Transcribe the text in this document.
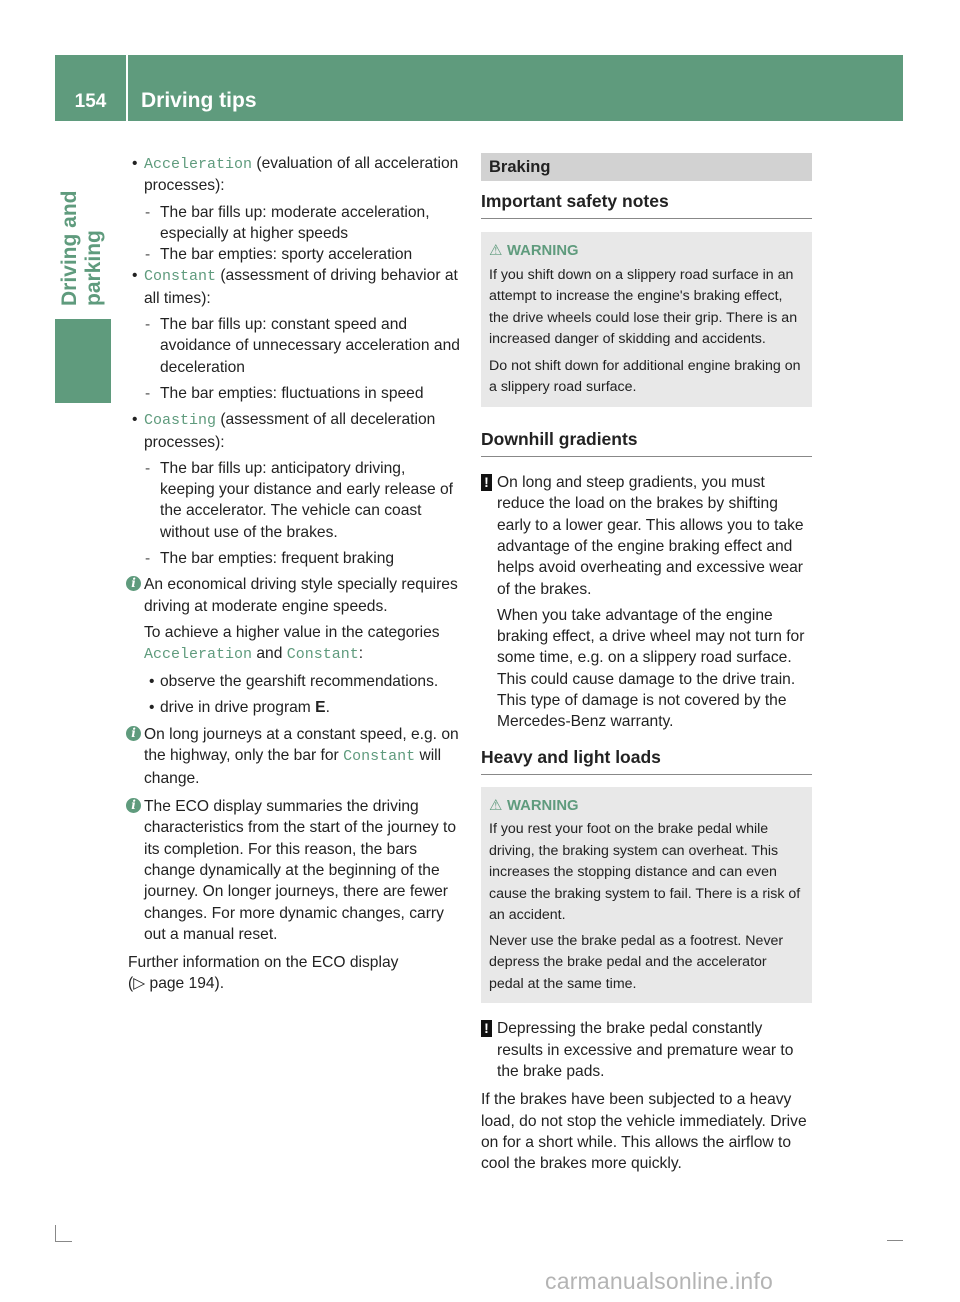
154	Driving tips
Driving and parking
• Acceleration (evaluation of all acceleration processes):
- The bar fills up: moderate acceleration, especially at higher speeds
- The bar empties: sporty acceleration
• Constant (assessment of driving behavior at all times):
- The bar fills up: constant speed and avoidance of unnecessary acceleration and deceleration
- The bar empties: fluctuations in speed
• Coasting (assessment of all deceleration processes):
- The bar fills up: anticipatory driving, keeping your distance and early release of the accelerator. The vehicle can coast without use of the brakes.
- The bar empties: frequent braking
i An economical driving style specially requires driving at moderate engine speeds.
To achieve a higher value in the categories Acceleration and Constant:
• observe the gearshift recommendations.
• drive in drive program E.
i On long journeys at a constant speed, e.g. on the highway, only the bar for Constant will change.
i The ECO display summaries the driving characteristics from the start of the journey to its completion. For this reason, the bars change dynamically at the beginning of the journey. On longer journeys, there are fewer changes. For more dynamic changes, carry out a manual reset.
Further information on the ECO display
(▷ page 194).
Braking
Important safety notes
⚠ WARNING
If you shift down on a slippery road surface in an attempt to increase the engine's braking effect, the drive wheels could lose their grip. There is an increased danger of skidding and accidents.
Do not shift down for additional engine braking on a slippery road surface.
Downhill gradients
! On long and steep gradients, you must reduce the load on the brakes by shifting early to a lower gear. This allows you to take advantage of the engine braking effect and helps avoid overheating and excessive wear of the brakes.
When you take advantage of the engine braking effect, a drive wheel may not turn for some time, e.g. on a slippery road surface. This could cause damage to the drive train. This type of damage is not covered by the Mercedes-Benz warranty.
Heavy and light loads
⚠ WARNING
If you rest your foot on the brake pedal while driving, the braking system can overheat. This increases the stopping distance and can even cause the braking system to fail. There is a risk of an accident.
Never use the brake pedal as a footrest. Never depress the brake pedal and the accelerator pedal at the same time.
! Depressing the brake pedal constantly results in excessive and premature wear to the brake pads.
If the brakes have been subjected to a heavy load, do not stop the vehicle immediately. Drive on for a short while. This allows the airflow to cool the brakes more quickly.
carmanualsonline.info
